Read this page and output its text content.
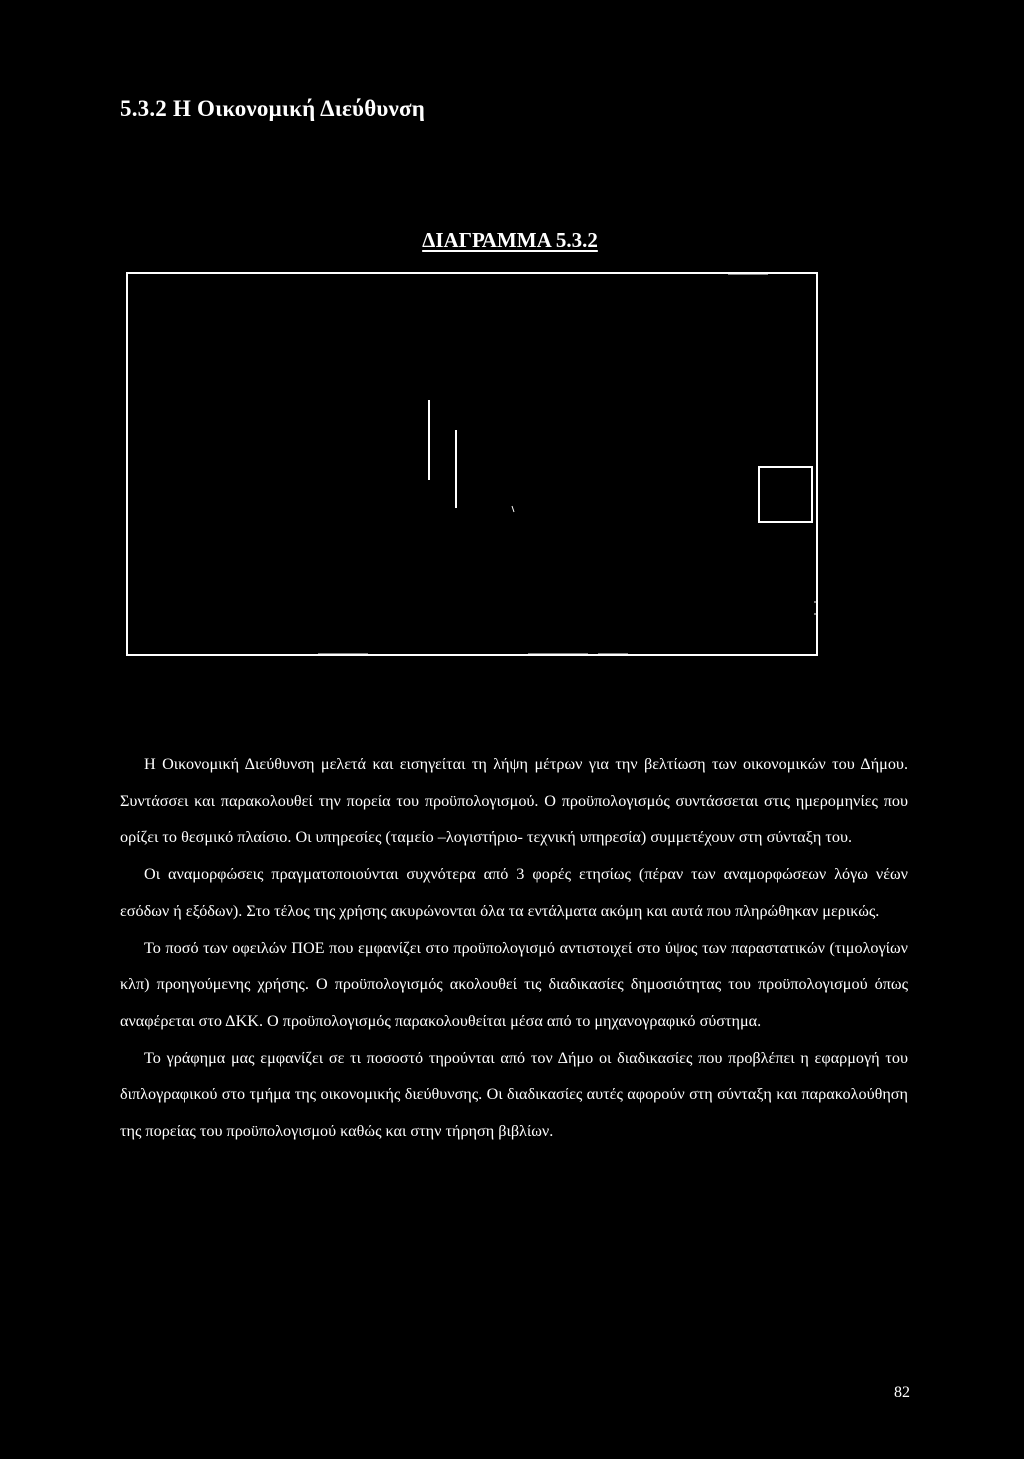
5.3.2 Η Οικονομική Διεύθυνση
ΔΙΑΓΡΑΜΜΑ 5.3.2

Η Οικονομική Διεύθυνση μελετά και εισηγείται τη λήψη μέτρων για την βελτίωση των οικονομικών του Δήμου. Συντάσσει και παρακολουθεί την πορεία του προϋπολογισμού. Ο προϋπολογισμός συντάσσεται στις ημερομηνίες που ορίζει το θεσμικό πλαίσιο. Οι υπηρεσίες (ταμείο –λογιστήριο- τεχνική υπηρεσία) συμμετέχουν στη σύνταξη του.

Οι αναμορφώσεις πραγματοποιούνται συχνότερα από 3 φορές ετησίως (πέραν των αναμορφώσεων λόγω νέων εσόδων ή εξόδων). Στο τέλος της χρήσης ακυρώνονται όλα τα εντάλματα ακόμη και αυτά που πληρώθηκαν μερικώς.

Το ποσό των οφειλών ΠΟΕ που εμφανίζει στο προϋπολογισμό αντιστοιχεί στο ύψος των παραστατικών (τιμολογίων κλπ) προηγούμενης χρήσης. Ο προϋπολογισμός ακολουθεί τις διαδικασίες δημοσιότητας του προϋπολογισμού όπως αναφέρεται στο ΔΚΚ. Ο προϋπολογισμός παρακολουθείται μέσα από το μηχανογραφικό σύστημα.

Το γράφημα μας εμφανίζει σε τι ποσοστό τηρούνται από τον Δήμο οι διαδικασίες που προβλέπει η εφαρμογή του διπλογραφικού στο τμήμα της οικονομικής διεύθυνσης. Οι διαδικασίες αυτές αφορούν στη σύνταξη και παρακολούθηση της πορείας του προϋπολογισμού καθώς και στην τήρηση βιβλίων.

82
